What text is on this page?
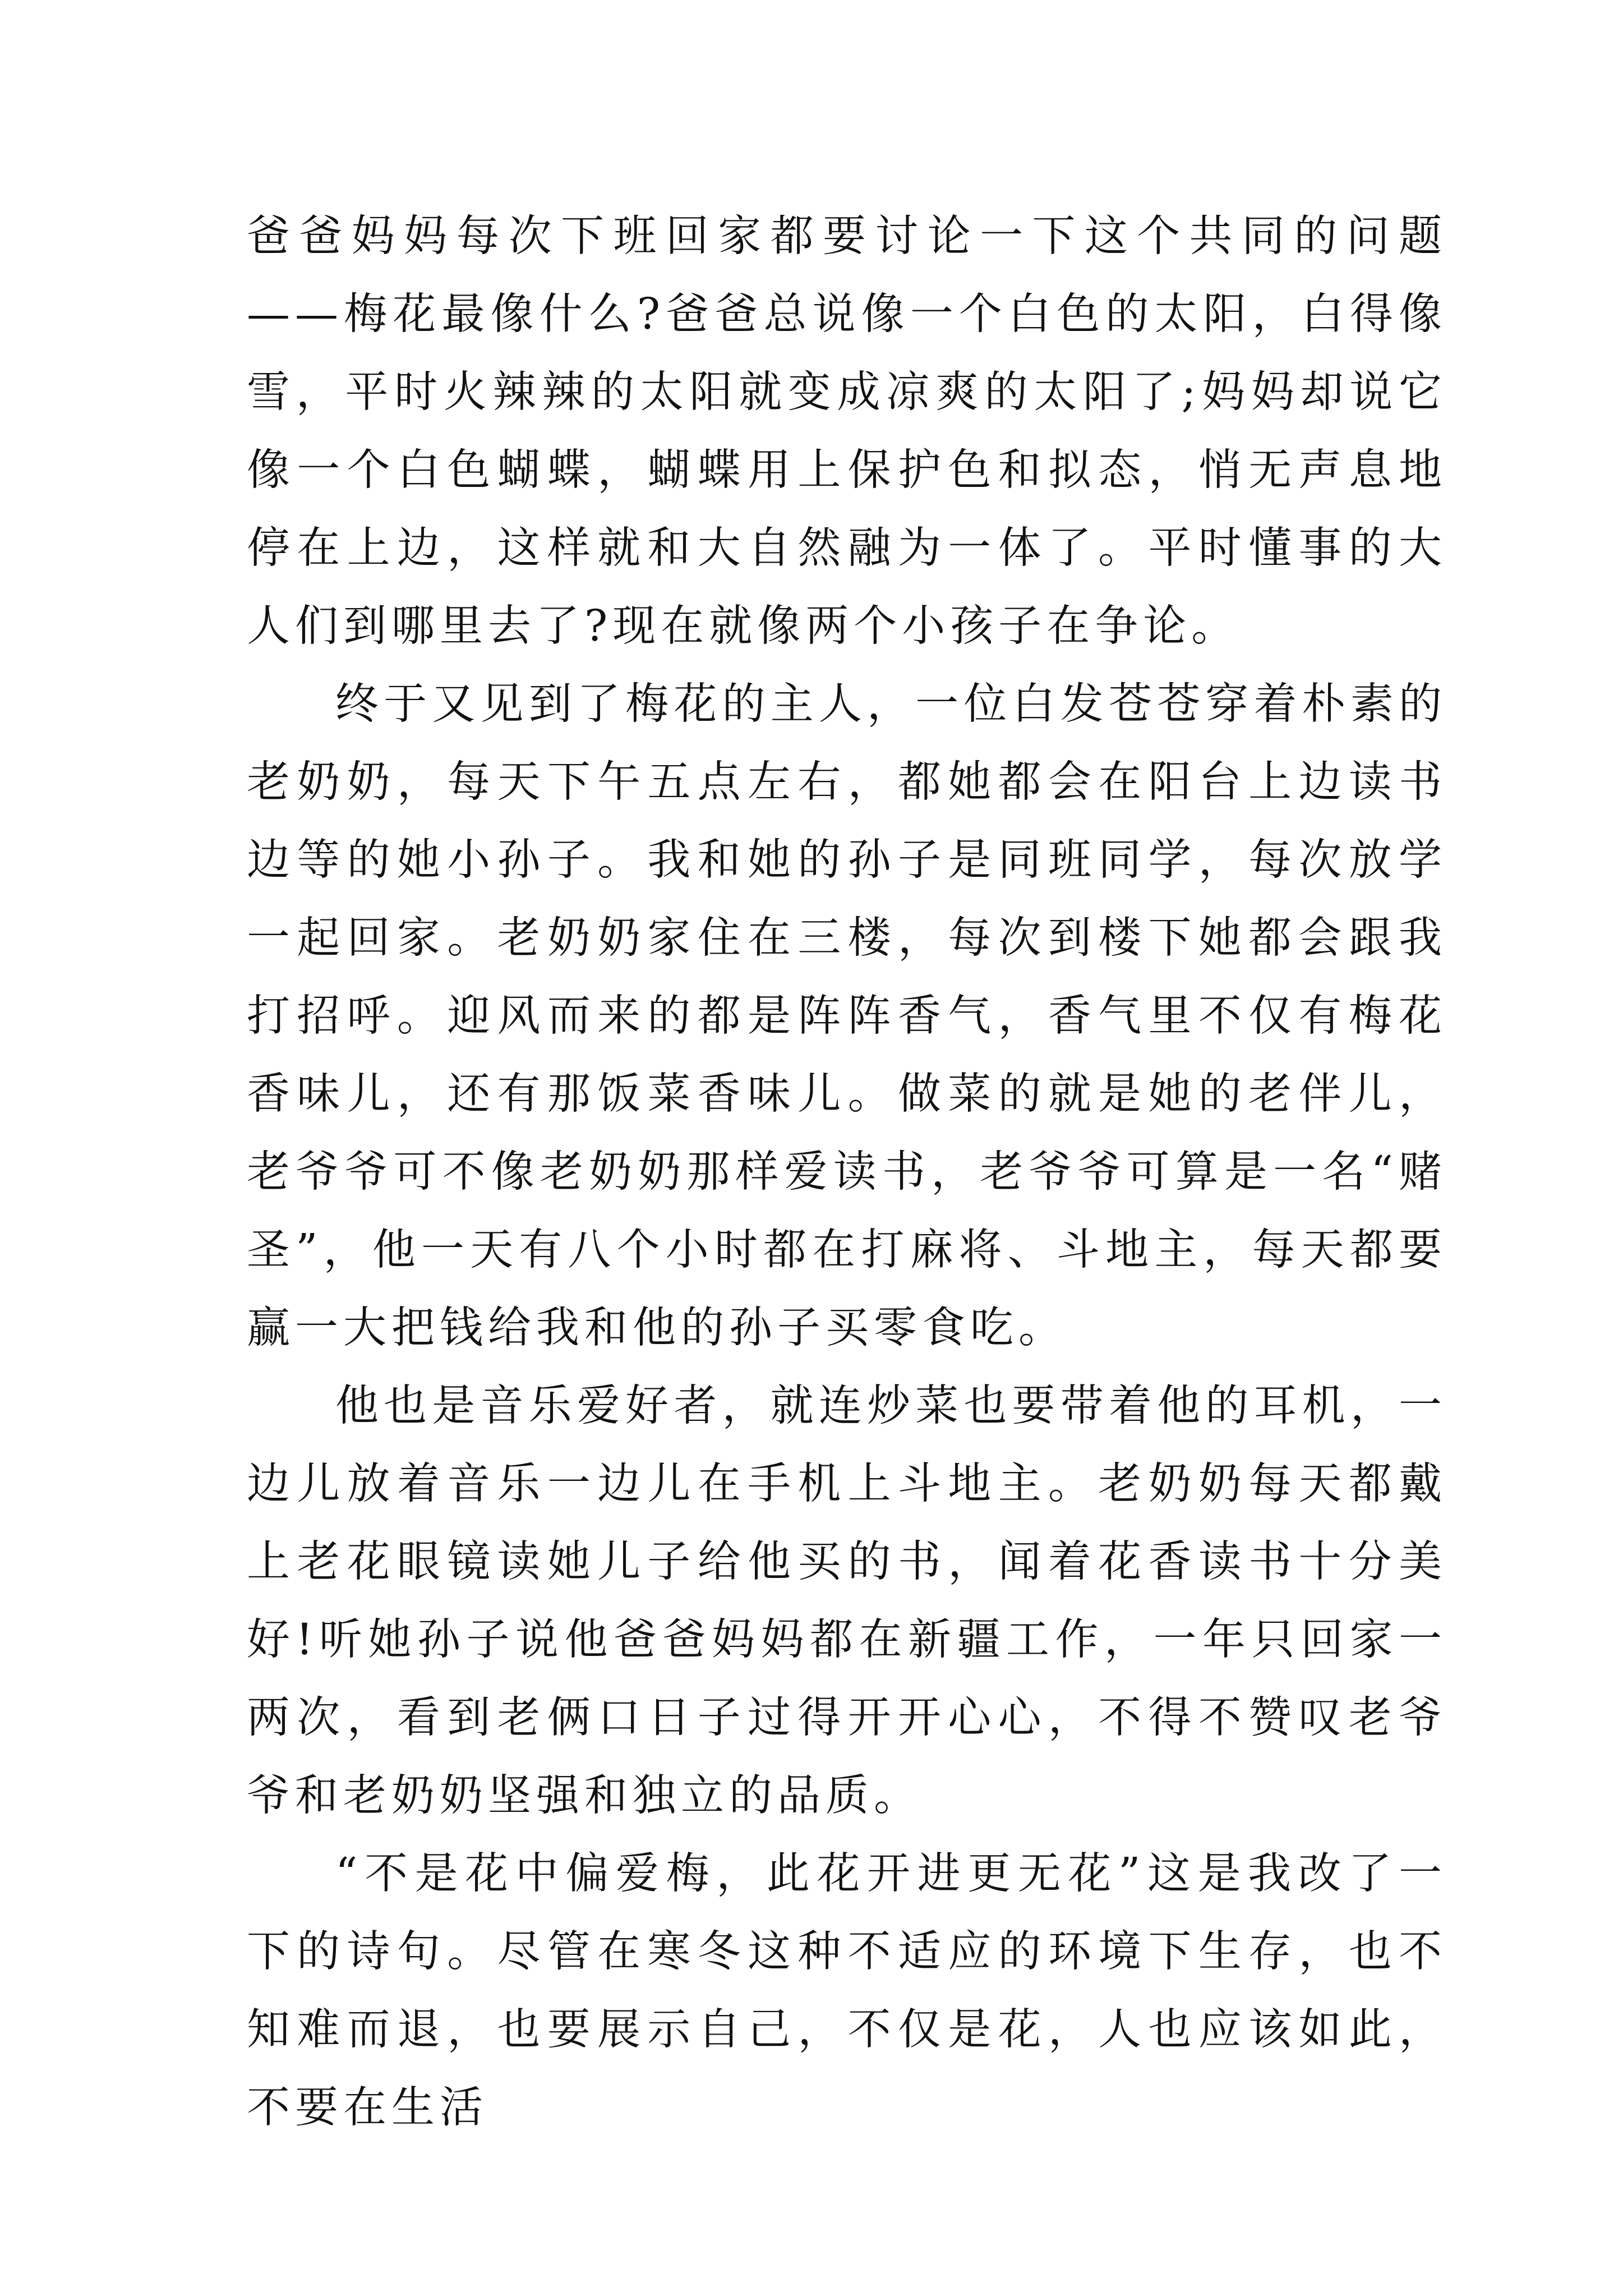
爸爸妈妈每次下班回家都要讨论一下这个共同的问题——梅花最像什么?爸爸总说像一个白色的太阳，白得像雪，平时火辣辣的太阳就变成凉爽的太阳了;妈妈却说它像一个白色蝴蝶，蝴蝶用上保护色和拟态，悄无声息地停在上边，这样就和大自然融为一体了。平时懂事的大人们到哪里去了?现在就像两个小孩子在争论。

终于又见到了梅花的主人，一位白发苍苍穿着朴素的老奶奶，每天下午五点左右，都她都会在阳台上边读书边等的她小孙子。我和她的孙子是同班同学，每次放学一起回家。老奶奶家住在三楼，每次到楼下她都会跟我打招呼。迎风而来的都是阵阵香气，香气里不仅有梅花香味儿，还有那饭菜香味儿。做菜的就是她的老伴儿，老爷爷可不像老奶奶那样爱读书，老爷爷可算是一名“赌圣”，他一天有八个小时都在打麻将、斗地主，每天都要赢一大把钱给我和他的孙子买零食吃。

他也是音乐爱好者，就连炒菜也要带着他的耳机，一边儿放着音乐一边儿在手机上斗地主。老奶奶每天都戴上老花眼镜读她儿子给他买的书，闻着花香读书十分美好!听她孙子说他爸爸妈妈都在新疆工作，一年只回家一两次，看到老俩口日子过得开开心心，不得不赞叹老爷爷和老奶奶坚强和独立的品质。

“不是花中偏爱梅，此花开进更无花”这是我改了一下的诗句。尽管在寒冬这种不适应的环境下生存，也不知难而退，也要展示自己，不仅是花，人也应该如此，不要在生活
